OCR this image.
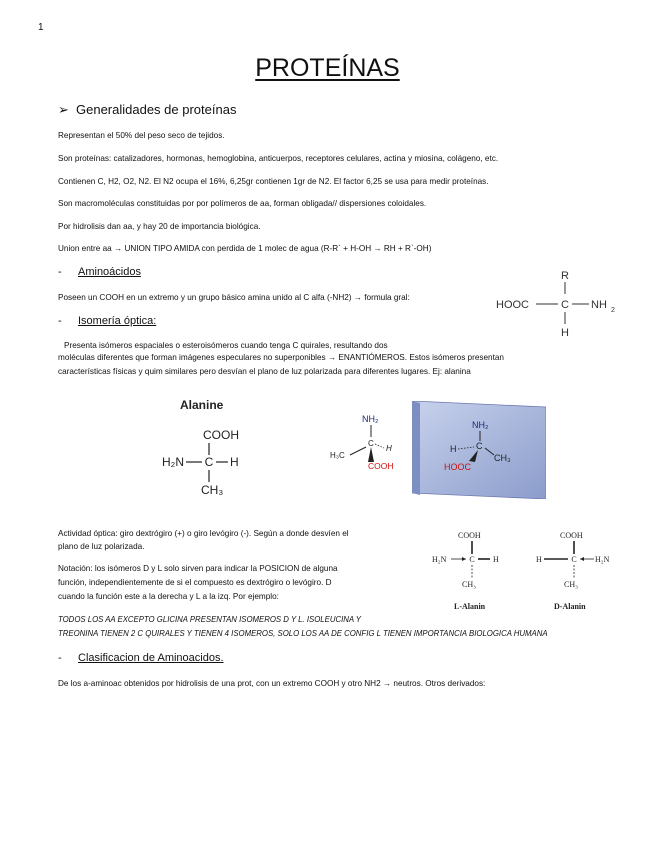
1
PROTEÍNAS
➢ Generalidades de proteínas
Representan el 50% del peso seco de tejidos.
Son proteínas: catalizadores, hormonas, hemoglobina, anticuerpos, receptores celulares, actina y miosina, colágeno, etc.
Contienen C, H2, O2, N2. El N2 ocupa el 16%, 6,25gr contienen 1gr de N2. El factor 6,25 se usa para medir proteínas.
Son macromoléculas constituidas por por polímeros de aa, forman obligada// dispersiones coloidales.
Por hidrolisis dan aa, y hay 20 de importancia biológica.
Union entre aa → UNION TIPO AMIDA con perdida de 1 molec de agua (R-R` + H-OH → RH + R`-OH)
- Aminoácidos
Poseen un COOH en un extremo y un grupo básico amina unido al C alfa (-NH2) → formula gral:
R
HOOC	C NH 2
H
- Isomería óptica:
Presenta isómeros espaciales o esteroisómeros cuando tenga C quirales, resultando dos
moléculas diferentes que forman imágenes especulares no superponibles → ENANTIÓMEROS. Estos isómeros presentan
características físicas y quim similares pero desvían el plano de luz polarizada para diferentes lugares. Ej: alanina
Alanine
COOH
H₂N C H
CH₃
NH₂
C
H
H₃C
COOH
NH₂
H C
CH₃
HOOC
Actividad óptica: giro dextrógiro (+) o giro levógiro (-). Según a donde desvíen el
plano de luz polarizada.
Notación: los isómeros D y L solo sirven para indicar la POSICION de alguna
función, independientemente de si el compuesto es dextrógiro o levógiro. D
cuando la función este a la derecha y L a la izq. Por ejemplo:
COOH
H₂N	C H
CH₃
L-Alanin
COOH
H	C H₂N
CH₃
D-Alanin
TODOS LOS AA EXCEPTO GLICINA PRESENTAN ISOMEROS D Y L. ISOLEUCINA Y
TREONINA TIENEN 2 C QUIRALES Y TIENEN 4 ISOMEROS, SOLO LOS AA DE CONFIG L TIENEN IMPORTANCIA BIOLOGICA HUMANA
- Clasificacion de Aminoacidos.
De los a-aminoac obtenidos por hidrolisis de una prot, con un extremo COOH y otro NH2 → neutros. Otros derivados:
